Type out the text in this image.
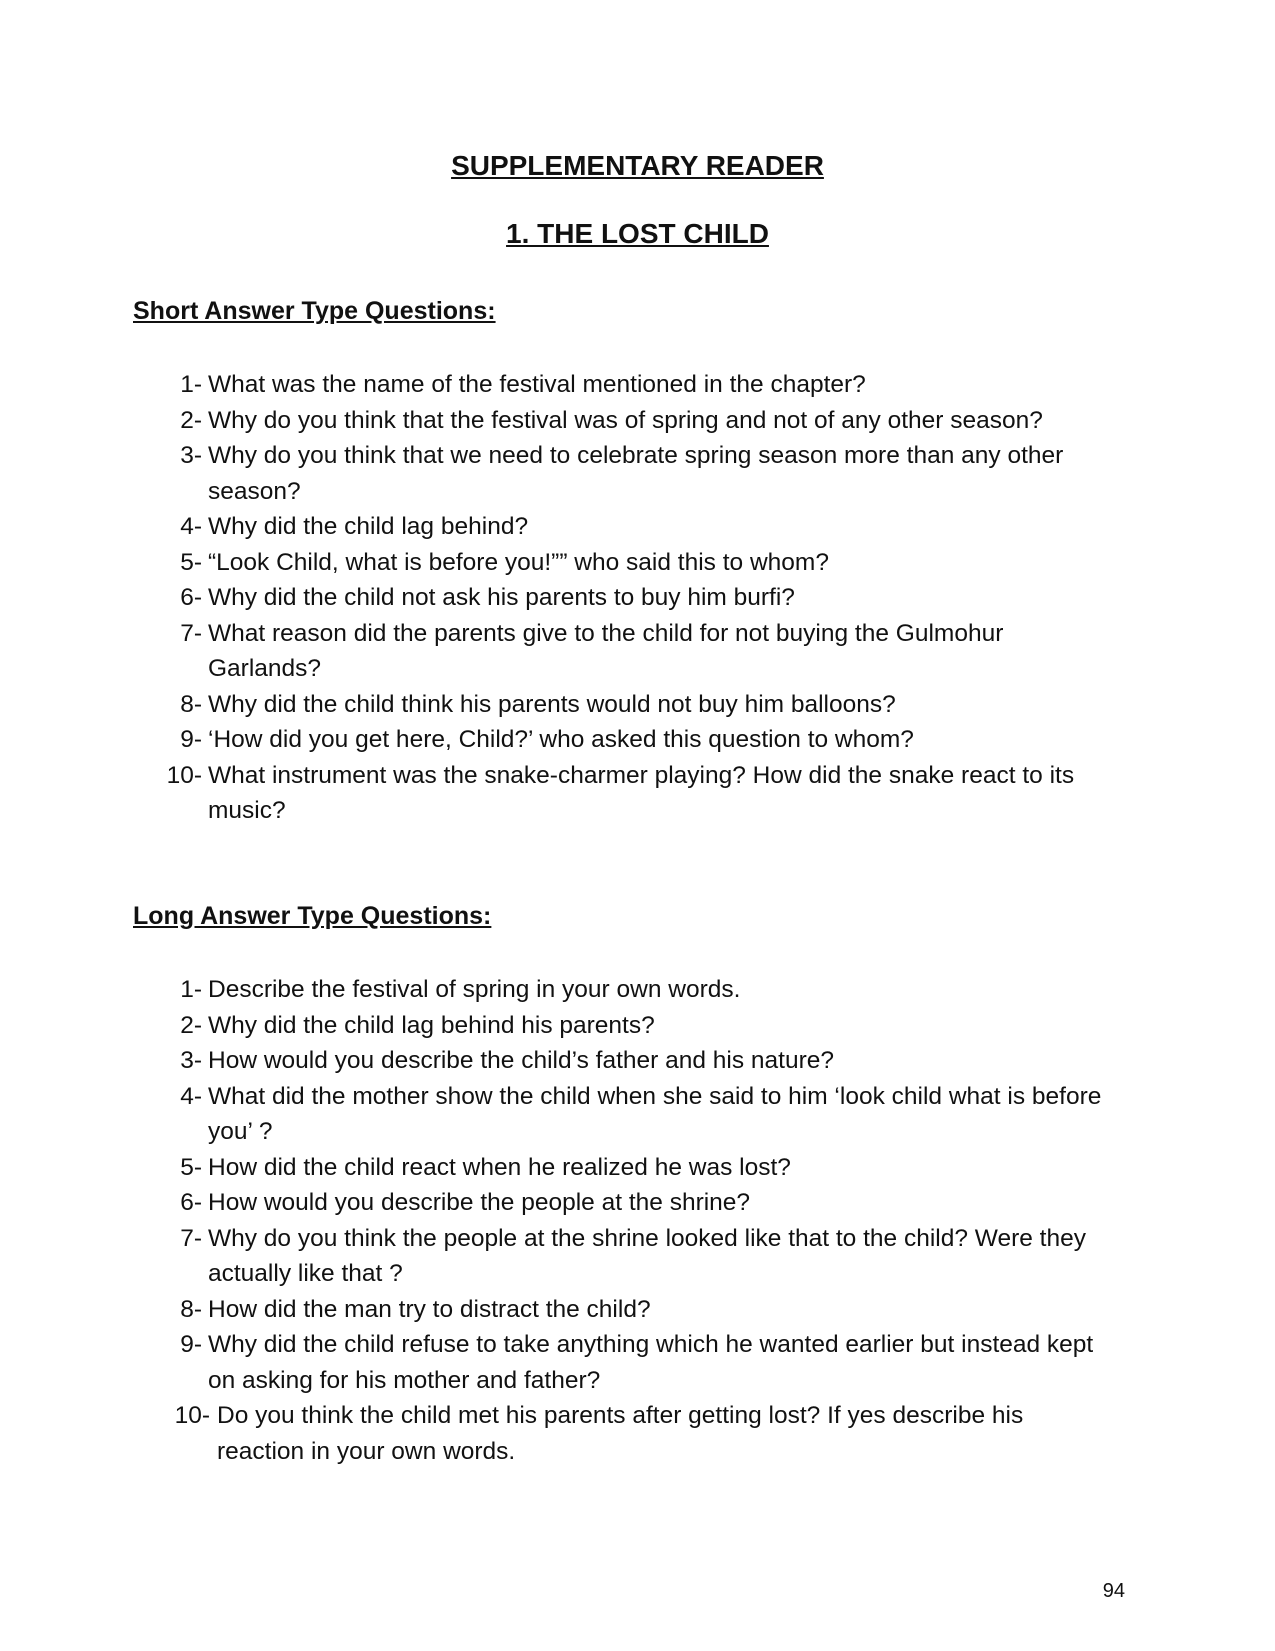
SUPPLEMENTARY READER
1. THE LOST CHILD
Short Answer Type Questions:
1- What was the name of the festival mentioned in the chapter?
2- Why do you think that the festival was of spring and not of any other season?
3- Why do you think that we need to celebrate spring season more than any other season?
4- Why did the child lag behind?
5- “Look Child, what is before you!”” who said this to whom?
6- Why did the child not ask his parents to buy him burfi?
7- What reason did the parents give to the child for not buying the Gulmohur Garlands?
8- Why did the child think his parents would not buy him balloons?
9- ‘How did you get here, Child?’ who asked this question to whom?
10- What instrument was the snake-charmer playing? How did the snake react to its music?
Long Answer Type Questions:
1- Describe the festival of spring in your own words.
2- Why did the child lag behind his parents?
3- How would you describe the child’s father and his nature?
4- What did the mother show the child when she said to him ‘look child what is before you’ ?
5- How did the child react when he realized he was lost?
6- How would you describe the people at the shrine?
7- Why do you think the people at the shrine looked like that to the child? Were they actually like that ?
8- How did the man try to distract the child?
9- Why did the child refuse to take anything which he wanted earlier but instead kept on asking for his mother and father?
10- Do you think the child met his parents after getting lost? If yes describe his reaction in your own words.
94
